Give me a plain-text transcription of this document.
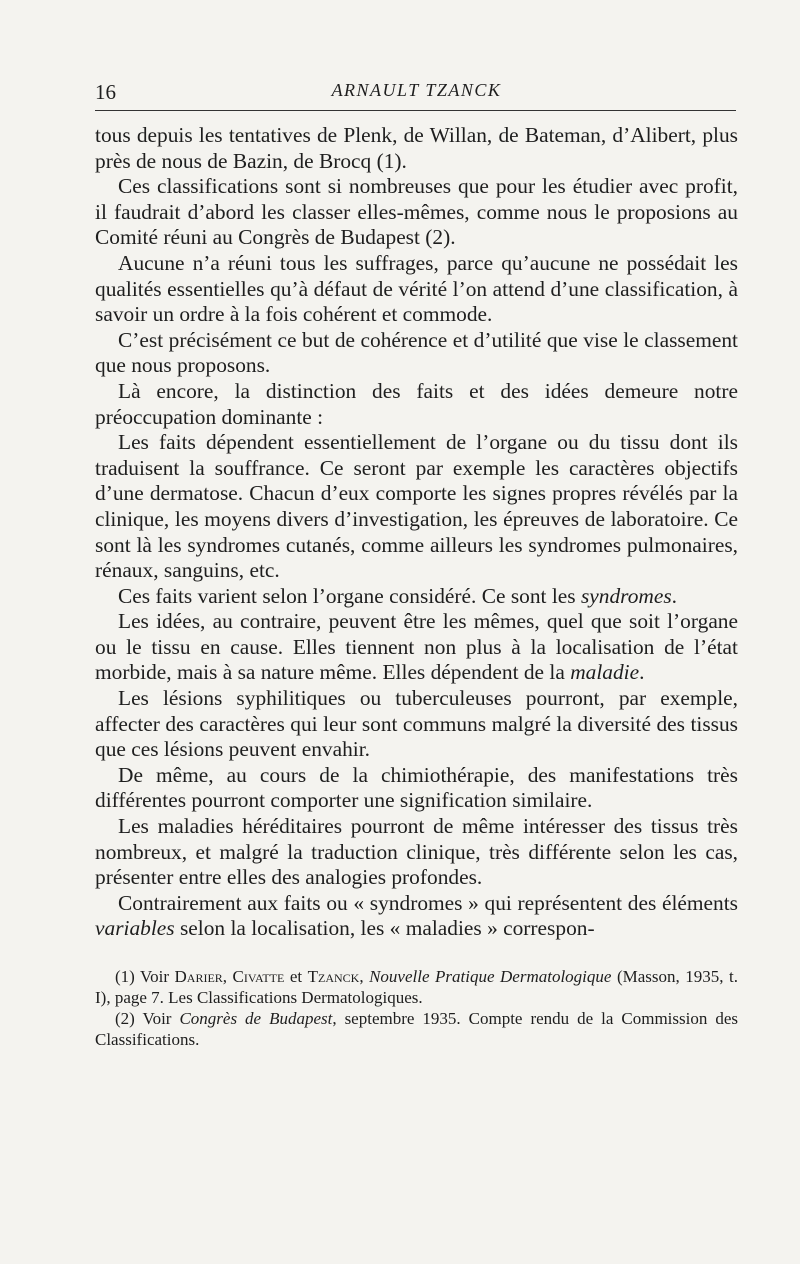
16	ARNAULT TZANCK

tous depuis les tentatives de Plenk, de Willan, de Bateman, d’Alibert, plus près de nous de Bazin, de Brocq (1).

Ces classifications sont si nombreuses que pour les étudier avec profit, il faudrait d’abord les classer elles-mêmes, comme nous le proposions au Comité réuni au Congrès de Budapest (2).

Aucune n’a réuni tous les suffrages, parce qu’aucune ne possédait les qualités essentielles qu’à défaut de vérité l’on attend d’une classification, à savoir un ordre à la fois cohérent et commode.

C’est précisément ce but de cohérence et d’utilité que vise le classement que nous proposons.

Là encore, la distinction des faits et des idées demeure notre préoccupation dominante :

Les faits dépendent essentiellement de l’organe ou du tissu dont ils traduisent la souffrance. Ce seront par exemple les caractères objectifs d’une dermatose. Chacun d’eux comporte les signes propres révélés par la clinique, les moyens divers d’investigation, les épreuves de laboratoire. Ce sont là les syndromes cutanés, comme ailleurs les syndromes pulmonaires, rénaux, sanguins, etc.

Ces faits varient selon l’organe considéré. Ce sont les syndromes.

Les idées, au contraire, peuvent être les mêmes, quel que soit l’organe ou le tissu en cause. Elles tiennent non plus à la localisation de l’état morbide, mais à sa nature même. Elles dépendent de la maladie.

Les lésions syphilitiques ou tuberculeuses pourront, par exemple, affecter des caractères qui leur sont communs malgré la diversité des tissus que ces lésions peuvent envahir.

De même, au cours de la chimiothérapie, des manifestations très différentes pourront comporter une signification similaire.

Les maladies héréditaires pourront de même intéresser des tissus très nombreux, et malgré la traduction clinique, très différente selon les cas, présenter entre elles des analogies profondes.

Contrairement aux faits ou « syndromes » qui représentent des éléments variables selon la localisation, les « maladies » correspon-

(1) Voir Darier, Civatte et Tzanck, Nouvelle Pratique Dermatologique (Masson, 1935, t. I), page 7. Les Classifications Dermatologiques.

(2) Voir Congrès de Budapest, septembre 1935. Compte rendu de la Commission des Classifications.
